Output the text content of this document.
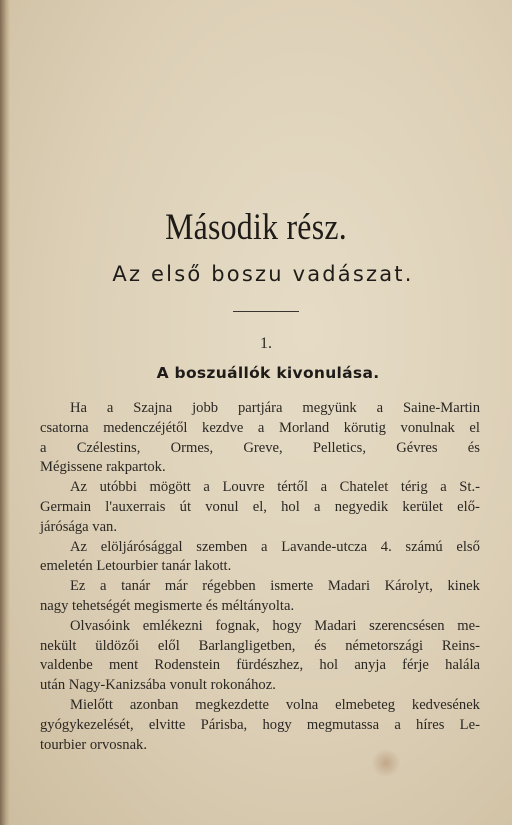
Második rész.
Az első boszu vadászat.
1.
A boszuállók kivonulása.
Ha a Szajna jobb partjára megyünk a Saine-Martin
csatorna medenczéjétől kezdve a Morland körutig vonulnak el
a Czélestins, Ormes, Greve, Pelletics, Gévres és
Mégissene rakpartok.
Az utóbbi mögött a Louvre tértől a Chatelet térig a St.-
Germain l'auxerrais út vonul el, hol a negyedik kerület elő-
járósága van.
Az elöljárósággal szemben a Lavande-utcza 4. számú első
emeletén Letourbier tanár lakott.
Ez a tanár már régebben ismerte Madari Károlyt, kinek
nagy tehetségét megismerte és méltányolta.
Olvasóink emlékezni fognak, hogy Madari szerencsésen me-
nekült üldözői elől Barlangligetben, és németországi Reins-
valdenbe ment Rodenstein fürdészhez, hol anyja férje halála
után Nagy-Kanizsába vonult rokonához.
Mielőtt azonban megkezdette volna elmebeteg kedvesének
gyógykezelését, elvitte Párisba, hogy megmutassa a híres Le-
tourbier orvosnak.
